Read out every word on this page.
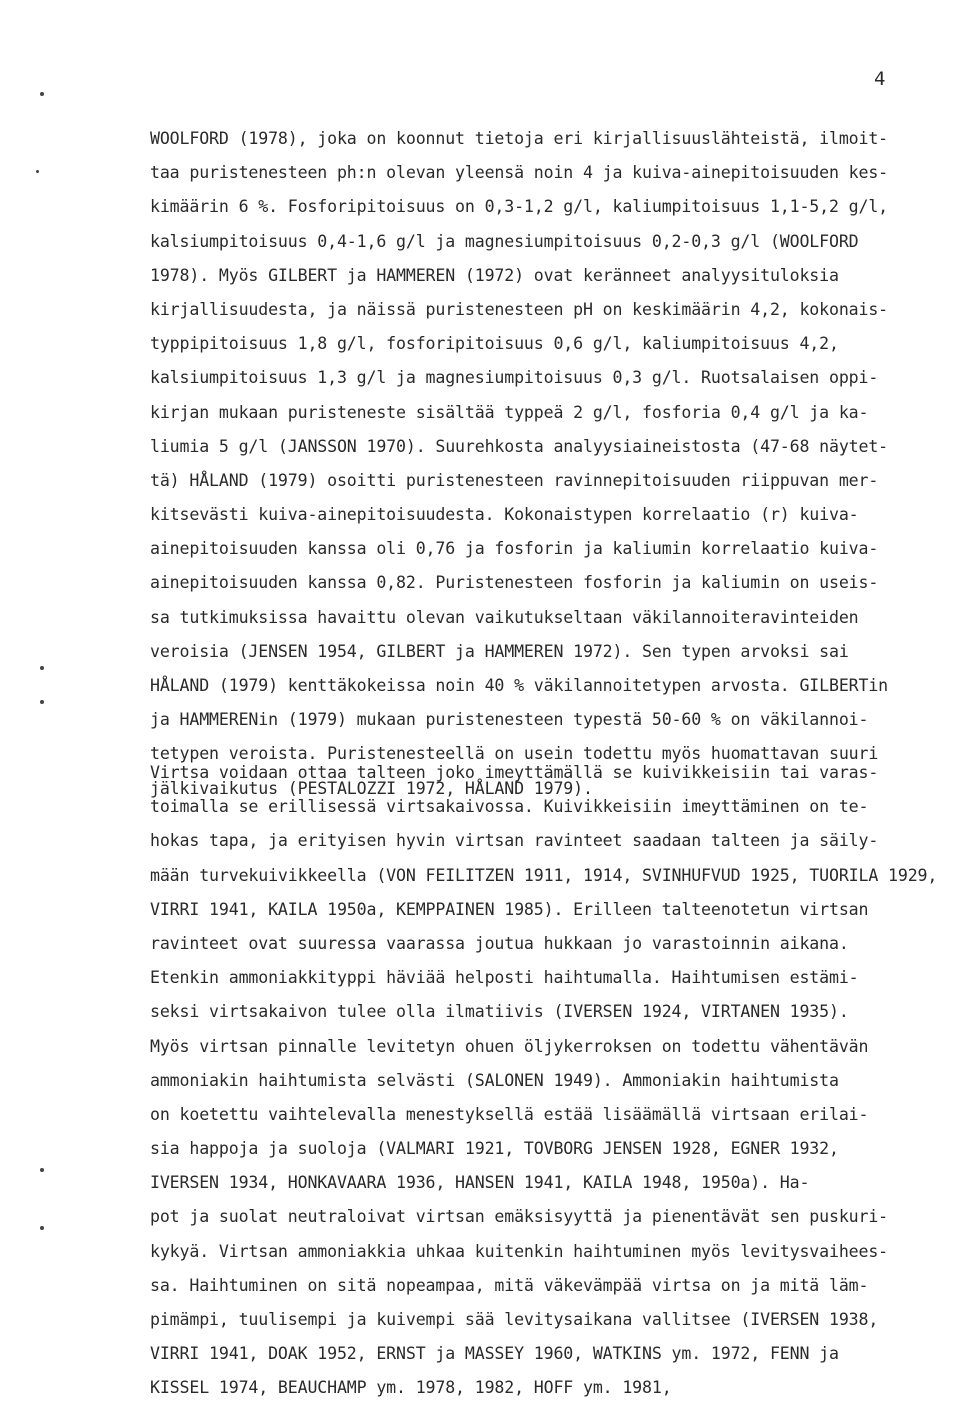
4
WOOLFORD (1978), joka on koonnut tietoja eri kirjallisuuslähteistä, ilmoit-
taa puristenesteen ph:n olevan yleensä noin 4 ja kuiva-ainepitoisuuden kes-
kimäärin 6 %. Fosforipitoisuus on 0,3-1,2 g/l, kaliumpitoisuus 1,1-5,2 g/l,
kalsiumpitoisuus 0,4-1,6 g/l ja magnesiumpitoisuus 0,2-0,3 g/l (WOOLFORD
1978). Myös GILBERT ja HAMMEREN (1972) ovat keränneet analyysituloksia
kirjallisuudesta, ja näissä puristenesteen pH on keskimäärin 4,2, kokonais-
typpipitoisuus 1,8 g/l, fosforipitoisuus 0,6 g/l, kaliumpitoisuus 4,2,
kalsiumpitoisuus 1,3 g/l ja magnesiumpitoisuus 0,3 g/l. Ruotsalaisen oppi-
kirjan mukaan puristeneste sisältää typpeä 2 g/l, fosforia 0,4 g/l ja ka-
liumia 5 g/l (JANSSON 1970). Suurehkosta analyysiaineistosta (47-68 näytet-
tä) HÅLAND (1979) osoitti puristenesteen ravinnepitoisuuden riippuvan mer-
kitsevästi kuiva-ainepitoisuudesta. Kokonaistypen korrelaatio (r) kuiva-
ainepitoisuuden kanssa oli 0,76 ja fosforin ja kaliumin korrelaatio kuiva-
ainepitoisuuden kanssa 0,82. Puristenesteen fosforin ja kaliumin on useis-
sa tutkimuksissa havaittu olevan vaikutukseltaan väkilannoiteravinteiden
veroisia (JENSEN 1954, GILBERT ja HAMMEREN 1972). Sen typen arvoksi sai
HÅLAND (1979) kenttäkokeissa noin 40 % väkilannoitetypen arvosta. GILBERTin
ja HAMMERENin (1979) mukaan puristenesteen typestä 50-60 % on väkilannoi-
tetypen veroista. Puristenesteellä on usein todettu myös huomattavan suuri
jälkivaikutus (PESTALOZZI 1972, HÅLAND 1979).
Virtsa voidaan ottaa talteen joko imeyttämällä se kuivikkeisiin tai varas-
toimalla se erillisessä virtsakaivossa. Kuivikkeisiin imeyttäminen on te-
hokas tapa, ja erityisen hyvin virtsan ravinteet saadaan talteen ja säily-
mään turvekuivikkeella (VON FEILITZEN 1911, 1914, SVINHUFVUD 1925, TUORILA 1929,
VIRRI 1941, KAILA 1950a, KEMPPAINEN 1985). Erilleen talteenotetun virtsan
ravinteet ovat suuressa vaarassa joutua hukkaan jo varastoinnin aikana.
Etenkin ammoniakkityppi häviää helposti haihtumalla. Haihtumisen estämi-
seksi virtsakaivon tulee olla ilmatiivis (IVERSEN 1924, VIRTANEN 1935).
Myös virtsan pinnalle levitetyn ohuen öljykerroksen on todettu vähentävän
ammoniakin haihtumista selvästi (SALONEN 1949). Ammoniakin haihtumista
on koetettu vaihtelevalla menestyksellä estää lisäämällä virtsaan erilai-
sia happoja ja suoloja (VALMARI 1921, TOVBORG JENSEN 1928, EGNER 1932,
IVERSEN 1934, HONKAVAARA 1936, HANSEN 1941, KAILA 1948, 1950a). Ha-
pot ja suolat neutraloivat virtsan emäksisyyttä ja pienentävät sen puskuri-
kykyä. Virtsan ammoniakkia uhkaa kuitenkin haihtuminen myös levitysvaihees-
sa. Haihtuminen on sitä nopeampaa, mitä väkevämpää virtsa on ja mitä läm-
pimämpi, tuulisempi ja kuivempi sää levitysaikana vallitsee (IVERSEN 1938,
VIRRI 1941, DOAK 1952, ERNST ja MASSEY 1960, WATKINS ym. 1972, FENN ja
KISSEL 1974, BEAUCHAMP ym. 1978, 1982, HOFF ym. 1981,
